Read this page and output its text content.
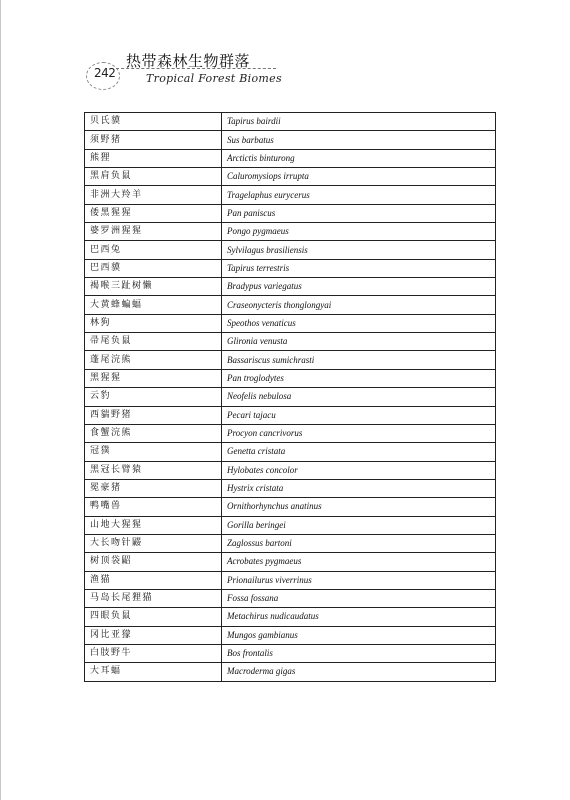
242
热带森林生物群落
Tropical Forest Biomes
贝氏貘	Tapirus bairdii
须野猪	Sus barbatus
熊狸	Arctictis binturong
黑肩负鼠	Caluromysiops irrupta
非洲大羚羊	Tragelaphus eurycerus
倭黑猩猩	Pan paniscus
婆罗洲猩猩	Pongo pygmaeus
巴西兔	Sylvilagus brasiliensis
巴西貘	Tapirus terrestris
褐喉三趾树懒	Bradypus variegatus
大黄蜂蝙蝠	Craseonycteris thonglongyai
林狗	Speothos venaticus
帚尾负鼠	Glironia venusta
蓬尾浣熊	Bassariscus sumichrasti
黑猩猩	Pan troglodytes
云豹	Neofelis nebulosa
西貒野猪	Pecari tajacu
食蟹浣熊	Procyon cancrivorus
冠獛	Genetta cristata
黑冠长臂猿	Hylobates concolor
冕豪猪	Hystrix cristata
鸭嘴兽	Ornithorhynchus anatinus
山地大猩猩	Gorilla beringei
大长吻针鼹	Zaglossus bartoni
树顶袋鼦	Acrobates pygmaeus
渔猫	Prionailurus viverrinus
马岛长尾狸猫	Fossa fossana
四眼负鼠	Metachirus nudicaudatus
冈比亚獴	Mungos gambianus
白肢野牛	Bos frontalis
大耳蝠	Macroderma gigas
